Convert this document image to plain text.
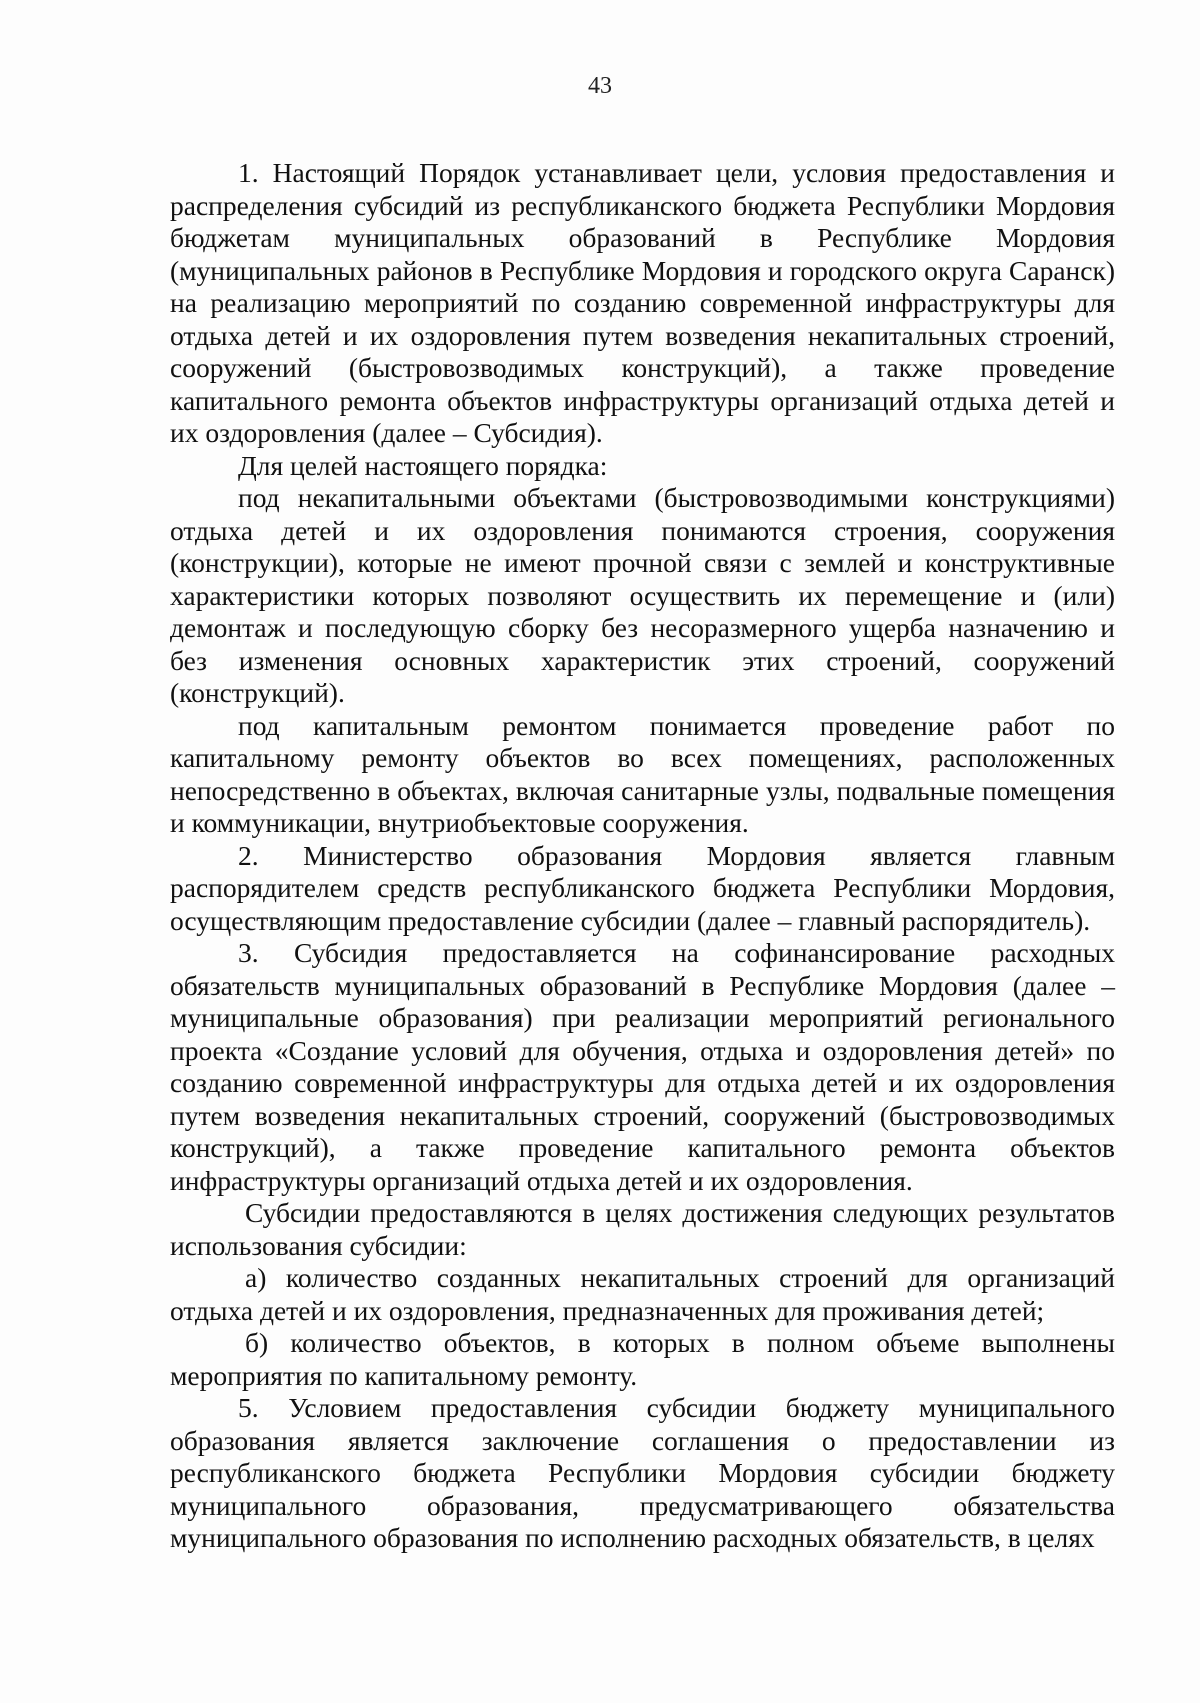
43

1. Настоящий Порядок устанавливает цели, условия предоставления и распределения субсидий из республиканского бюджета Республики Мордовия бюджетам муниципальных образований в Республике Мордовия (муниципальных районов в Республике Мордовия и городского округа Саранск) на реализацию мероприятий по созданию современной инфраструктуры для отдыха детей и их оздоровления путем возведения некапитальных строений, сооружений (быстровозводимых конструкций), а также проведение капитального ремонта объектов инфраструктуры организаций отдыха детей и их оздоровления (далее – Субсидия).

Для целей настоящего порядка:

под некапитальными объектами (быстровозводимыми конструкциями) отдыха детей и их оздоровления понимаются строения, сооружения (конструкции), которые не имеют прочной связи с землей и конструктивные характеристики которых позволяют осуществить их перемещение и (или) демонтаж и последующую сборку без несоразмерного ущерба назначению и без изменения основных характеристик этих строений, сооружений (конструкций).

под капитальным ремонтом понимается проведение работ по капитальному ремонту объектов во всех помещениях, расположенных непосредственно в объектах, включая санитарные узлы, подвальные помещения и коммуникации, внутриобъектовые сооружения.

2. Министерство образования Мордовия является главным распорядителем средств республиканского бюджета Республики Мордовия, осуществляющим предоставление субсидии (далее – главный распорядитель).

3. Субсидия предоставляется на софинансирование расходных обязательств муниципальных образований в Республике Мордовия (далее – муниципальные образования) при реализации мероприятий регионального проекта «Создание условий для обучения, отдыха и оздоровления детей» по созданию современной инфраструктуры для отдыха детей и их оздоровления путем возведения некапитальных строений, сооружений (быстровозводимых конструкций), а также проведение капитального ремонта объектов инфраструктуры организаций отдыха детей и их оздоровления.

Субсидии предоставляются в целях достижения следующих результатов использования субсидии:

а) количество созданных некапитальных строений для организаций отдыха детей и их оздоровления, предназначенных для проживания детей;

б) количество объектов, в которых в полном объеме выполнены мероприятия по капитальному ремонту.

5. Условием предоставления субсидии бюджету муниципального образования является заключение соглашения о предоставлении из республиканского бюджета Республики Мордовия субсидии бюджету муниципального образования, предусматривающего обязательства муниципального образования по исполнению расходных обязательств, в целях
